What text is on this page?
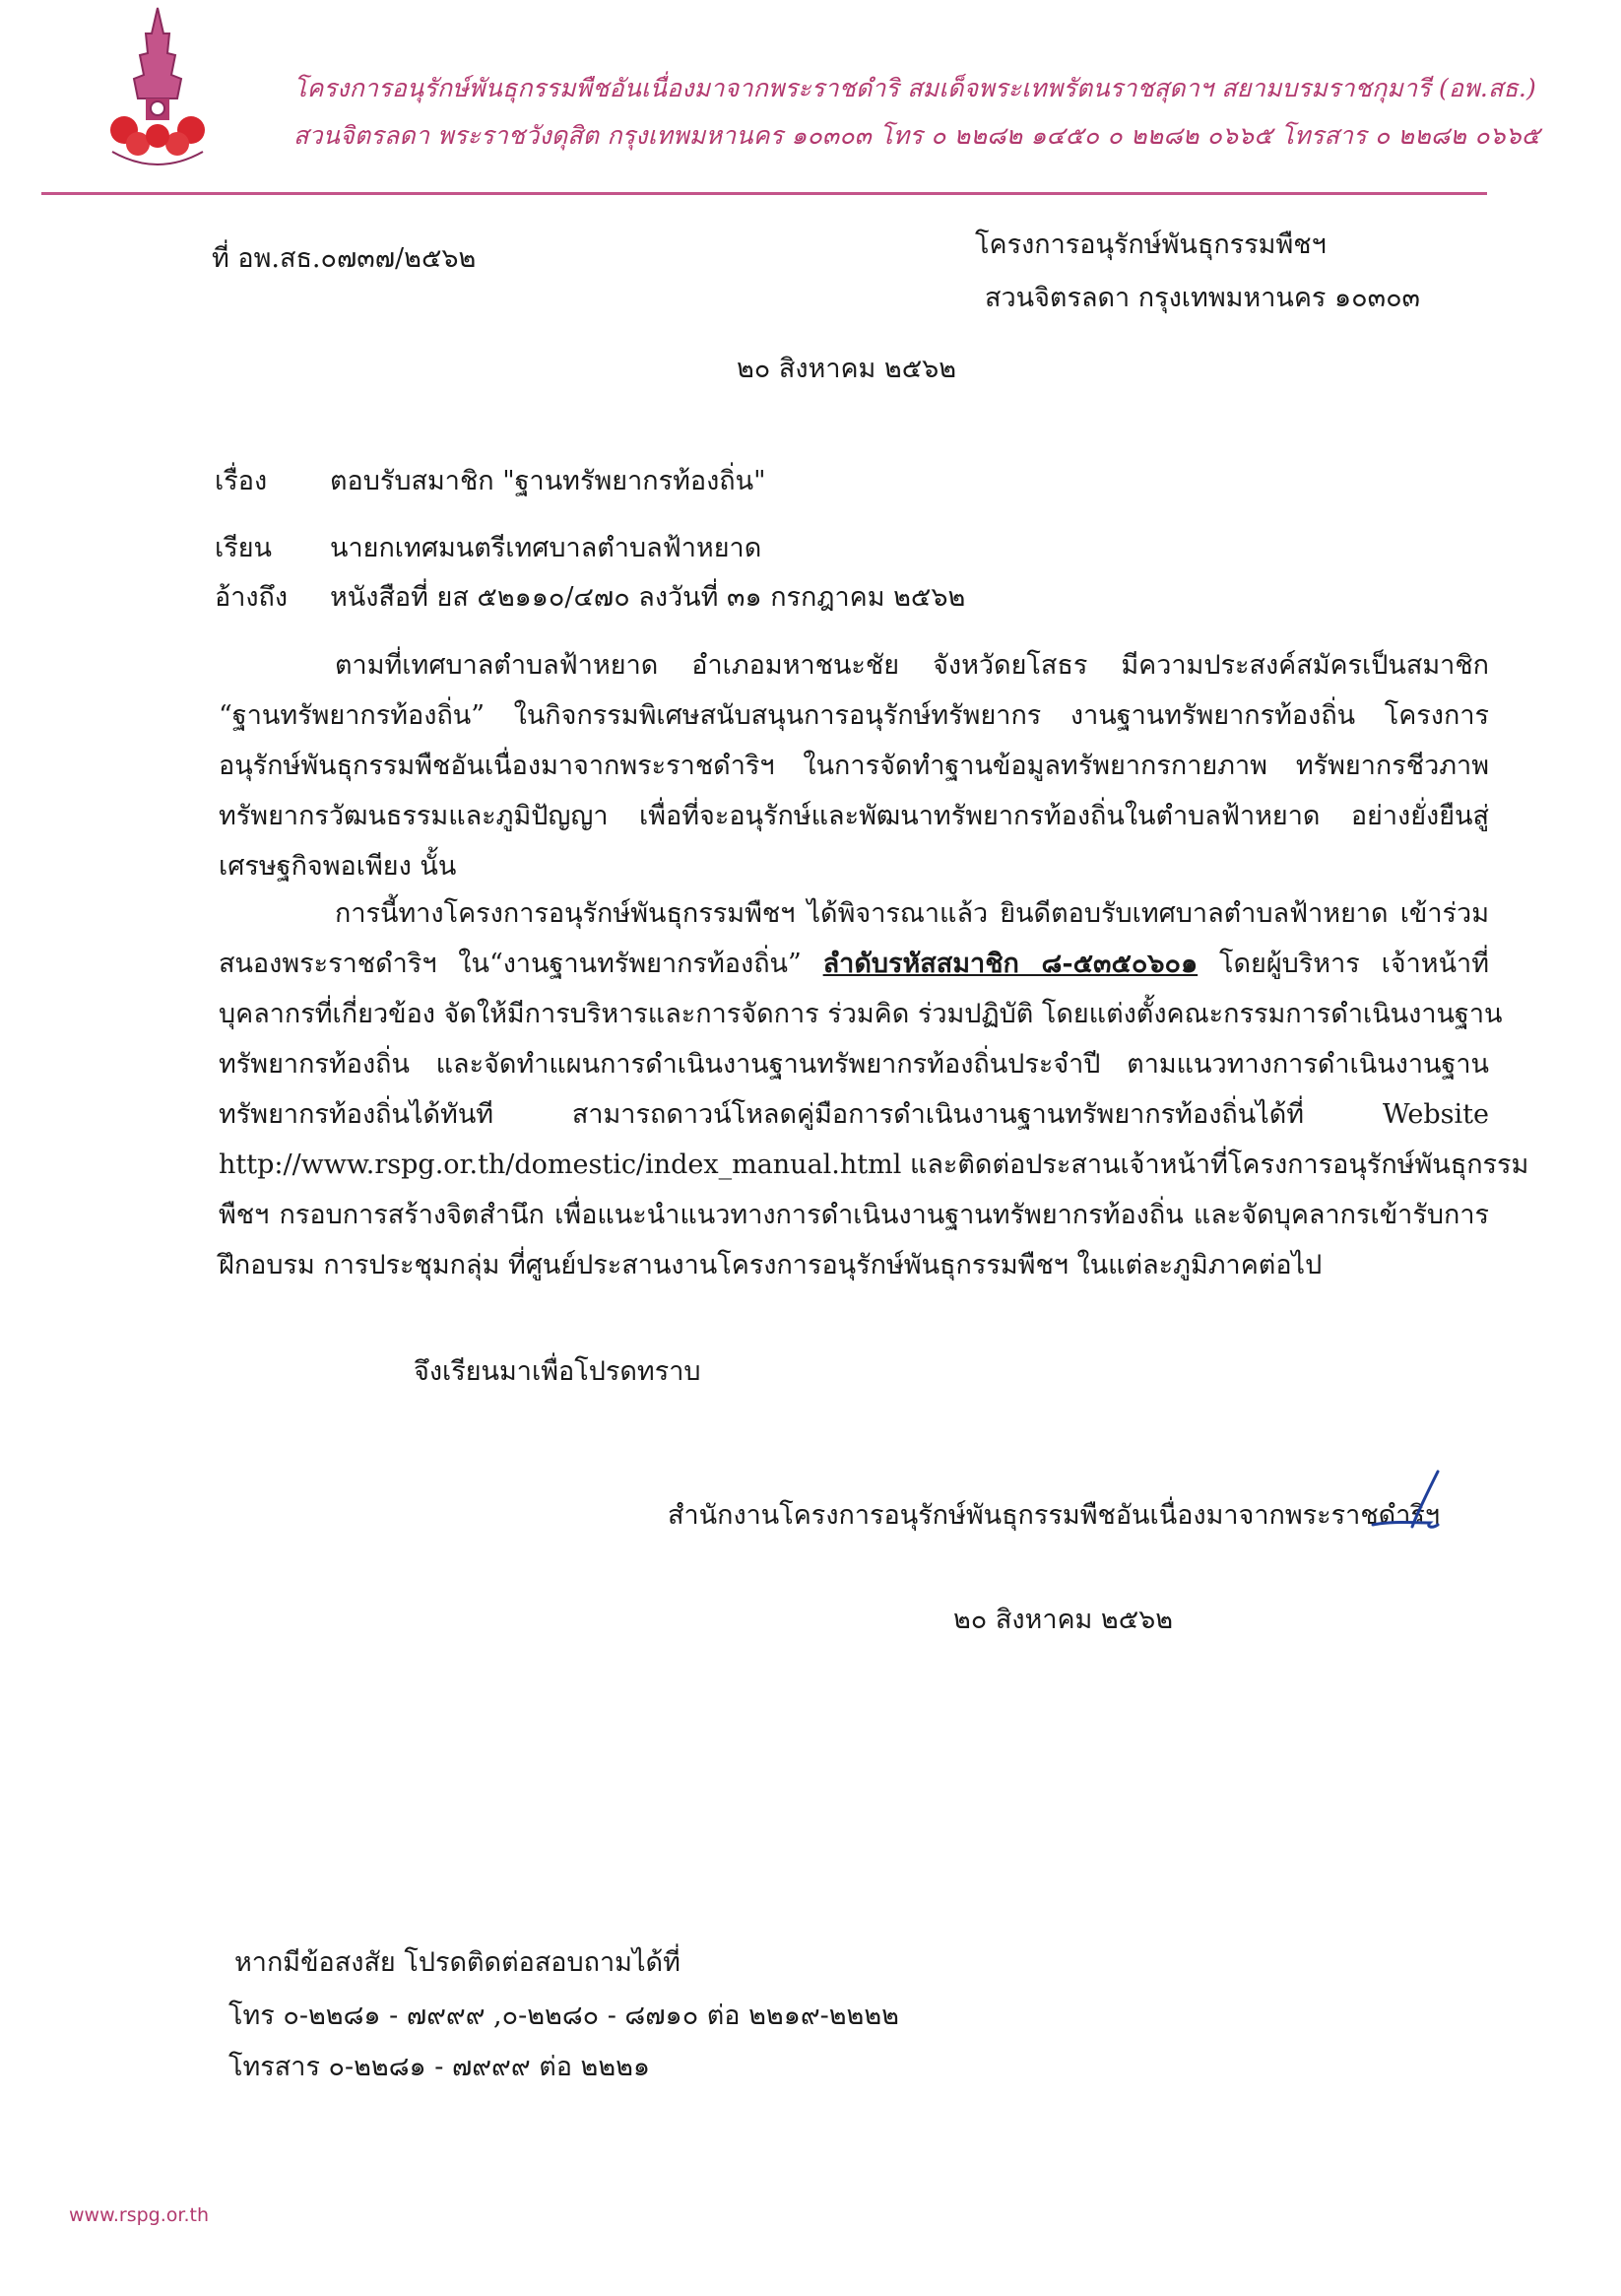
โครงการอนุรักษ์พันธุกรรมพืชอันเนื่องมาจากพระราชดำริ สมเด็จพระเทพรัตนราชสุดาฯ สยามบรมราชกุมารี (อพ.สธ.)
สวนจิตรลดา พระราชวังดุสิต กรุงเทพมหานคร ๑๐๓๐๓ โทร ๐ ๒๒๘๒ ๑๔๕๐ ๐ ๒๒๘๒ ๐๖๖๕ โทรสาร ๐ ๒๒๘๒ ๐๖๖๕
ที่ อพ.สธ.๐๗๓๗/๒๕๖๒	โครงการอนุรักษ์พันธุกรรมพืชฯ
สวนจิตรลดา กรุงเทพมหานคร ๑๐๓๐๓
๒๐ สิงหาคม ๒๕๖๒
เรื่อง ตอบรับสมาชิก "ฐานทรัพยากรท้องถิ่น"
เรียน นายกเทศมนตรีเทศบาลตำบลฟ้าหยาด
อ้างถึง หนังสือที่ ยส ๕๒๑๑๐/๔๗๐ ลงวันที่ ๓๑ กรกฎาคม ๒๕๖๒
ตามที่เทศบาลตำบลฟ้าหยาด อำเภอมหาชนะชัย จังหวัดยโสธร มีความประสงค์สมัครเป็นสมาชิก
“ฐานทรัพยากรท้องถิ่น” ในกิจกรรมพิเศษสนับสนุนการอนุรักษ์ทรัพยากร งานฐานทรัพยากรท้องถิ่น โครงการ
อนุรักษ์พันธุกรรมพืชอันเนื่องมาจากพระราชดำริฯ ในการจัดทำฐานข้อมูลทรัพยากรกายภาพ ทรัพยากรชีวภาพ
ทรัพยากรวัฒนธรรมและภูมิปัญญา เพื่อที่จะอนุรักษ์และพัฒนาทรัพยากรท้องถิ่นในตำบลฟ้าหยาด อย่างยั่งยืนสู่
เศรษฐกิจพอเพียง นั้น
การนี้ทางโครงการอนุรักษ์พันธุกรรมพืชฯ ได้พิจารณาแล้ว ยินดีตอบรับเทศบาลตำบลฟ้าหยาด เข้าร่วม
สนองพระราชดำริฯ ใน“งานฐานทรัพยากรท้องถิ่น” ลำดับรหัสสมาชิก ๘-๕๓๕๐๖๐๑ โดยผู้บริหาร เจ้าหน้าที่
บุคลากรที่เกี่ยวข้อง จัดให้มีการบริหารและการจัดการ ร่วมคิด ร่วมปฏิบัติ โดยแต่งตั้งคณะกรรมการดำเนินงานฐาน
ทรัพยากรท้องถิ่น และจัดทำแผนการดำเนินงานฐานทรัพยากรท้องถิ่นประจำปี ตามแนวทางการดำเนินงานฐาน
ทรัพยากรท้องถิ่นได้ทันที สามารถดาวน์โหลดคู่มือการดำเนินงานฐานทรัพยากรท้องถิ่นได้ที่ Website
http://www.rspg.or.th/domestic/index_manual.html และติดต่อประสานเจ้าหน้าที่โครงการอนุรักษ์พันธุกรรม
พืชฯ กรอบการสร้างจิตสำนึก เพื่อแนะนำแนวทางการดำเนินงานฐานทรัพยากรท้องถิ่น และจัดบุคลากรเข้ารับการ
ฝึกอบรม การประชุมกลุ่ม ที่ศูนย์ประสานงานโครงการอนุรักษ์พันธุกรรมพืชฯ ในแต่ละภูมิภาคต่อไป
จึงเรียนมาเพื่อโปรดทราบ
สำนักงานโครงการอนุรักษ์พันธุกรรมพืชอันเนื่องมาจากพระราชดำริฯ
๒๐ สิงหาคม ๒๕๖๒
หากมีข้อสงสัย โปรดติดต่อสอบถามได้ที่
โทร ๐-๒๒๘๑ - ๗๙๙๙ ,๐-๒๒๘๐ - ๘๗๑๐ ต่อ ๒๒๑๙-๒๒๒๒
โทรสาร ๐-๒๒๘๑ - ๗๙๙๙ ต่อ ๒๒๒๑
www.rspg.or.th
